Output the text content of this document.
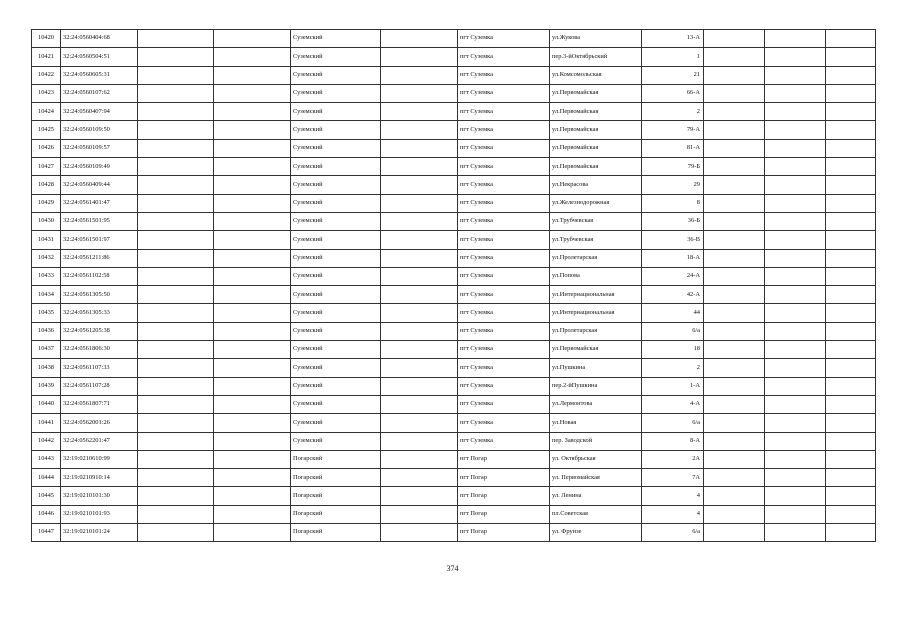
10420	32:24:0560404:68			Суземский		пгт Суземка	ул.Жукова	13-А			
10421	32:24:0560504:51			Суземский		пгт Суземка	пер.3-йОктябрьский	1			
10422	32:24:0560605:31			Суземский		пгт Суземка	ул.Комсомольская	21			
10423	32:24:0560107:62			Суземский		пгт Суземка	ул.Первомайская	66-А			
10424	32:24:0560407:94			Суземский		пгт Суземка	ул.Первомайская	2			
10425	32:24:0560109:50			Суземский		пгт Суземка	ул.Первомайская	79-А			
10426	32:24:0560109:57			Суземский		пгт Суземка	ул.Первомайская	81-А			
10427	32:24:0560109:49			Суземский		пгт Суземка	ул.Первомайская	79-Б			
10428	32:24:0560409:44			Суземский		пгт Суземка	ул.Некрасова	29			
10429	32:24:0561401:47			Суземский		пгт Суземка	ул.Железнодорожная	8			
10430	32:24:0561501:95			Суземский		пгт Суземка	ул.Трубчевская	36-Б			
10431	32:24:0561501:97			Суземский		пгт Суземка	ул.Трубчевская	36-В			
10432	32:24:0561211:86			Суземский		пгт Суземка	ул.Пролетарская	18-А			
10433	32:24:0561102:58			Суземский		пгт Суземка	ул.Попова	24-А			
10434	32:24:0561305:50			Суземский		пгт Суземка	ул.Интернациональная	42-А			
10435	32:24:0561305:33			Суземский		пгт Суземка	ул.Интернациональная	44			
10436	32:24:0561205:38			Суземский		пгт Суземка	ул.Пролетарская	6/а			
10437	32:24:0561806:30			Суземский		пгт Суземка	ул.Первомайская	18			
10438	32:24:0561107:33			Суземский		пгт Суземка	ул.Пушкина	2			
10439	32:24:0561107:28			Суземский		пгт Суземка	пер.2-йПушкина	1-А			
10440	32:24:0561807:71			Суземский		пгт Суземка	ул.Лермонтова	4-А			
10441	32:24:0562001:26			Суземский		пгт Суземка	ул.Новая	6/а			
10442	32:24:0562201:47			Суземский		пгт Суземка	пер. Заводской	8-А			
10443	32:19:0210610:99			Погарский		пгт Погар	ул. Октябрьская	2А			
10444	32:19:0210910:14			Погарский		пгт Погар	ул. Первомайская	7А			
10445	32:19:0210101:30			Погарский		пгт Погар	ул. Ленина	4			
10446	32:19:0210101:93			Погарский		пгт Погар	пл.Советская	4			
10447	32:19:0210101:24			Погарский		пгт Погар	ул. Фрунзе	6/a			
374
